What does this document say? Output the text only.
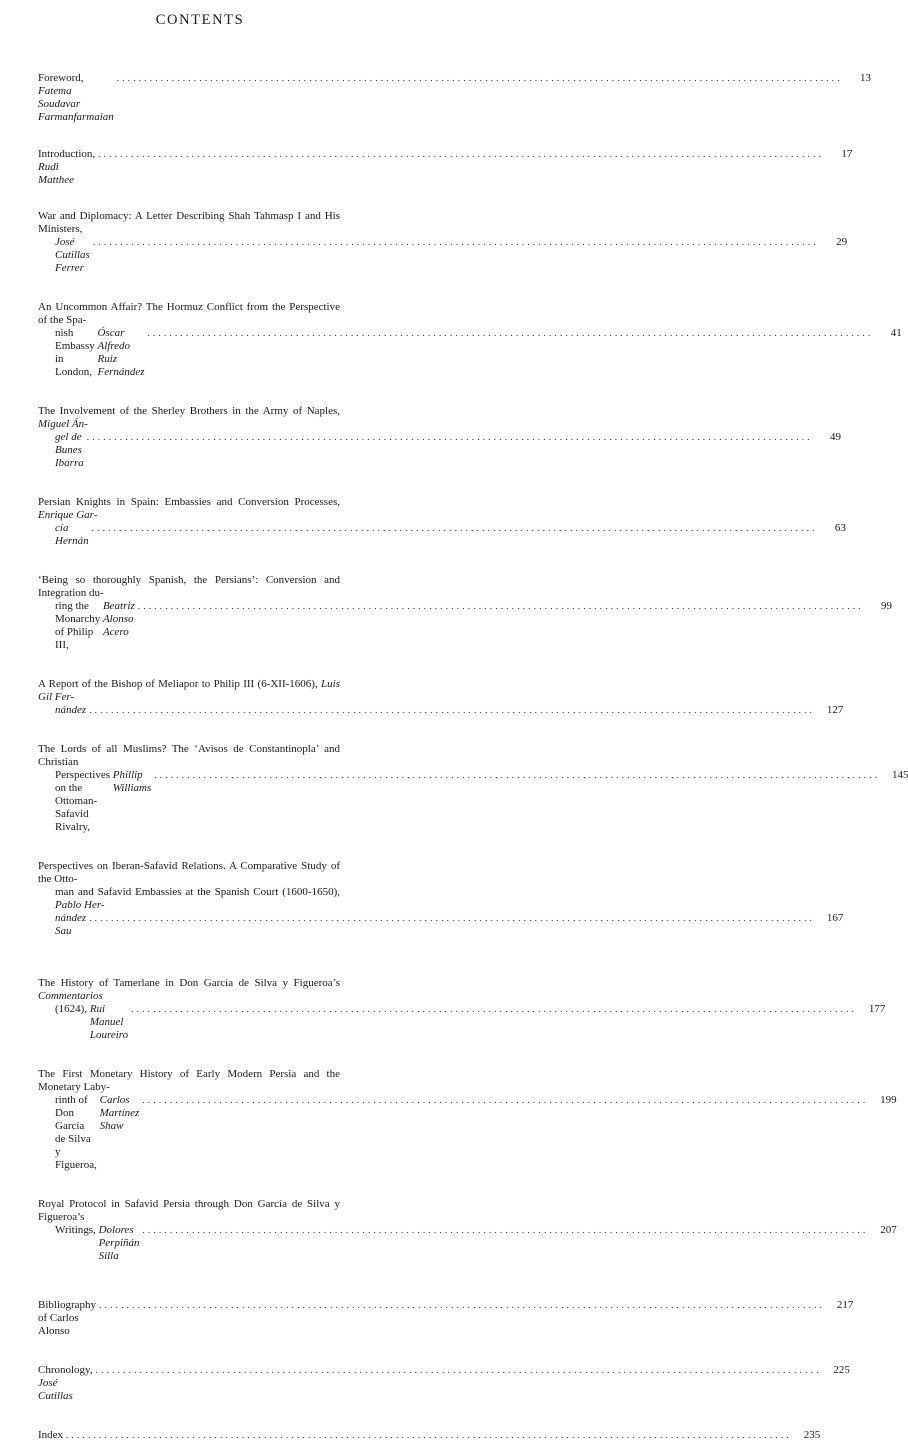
CONTENTS
Foreword, Fatema Soudavar Farmanfarmaian
. . .
13
Introduction, Rudi Matthee
. . .
17
War and Diplomacy: A Letter Describing Shah Tahmasp I and His Ministers,
José Cutillas Ferrer
. . .
29
An Uncommon Affair? The Hormuz Conflict from the Perspective of the Spa-
nish Embassy in London,

Óscar Alfredo Ruiz Fernández
. . .
41
The Involvement of the Sherley Brothers in the Army of Naples, Miguel Án-
gel de Bunes Ibarra
. . .
49
Persian Knights in Spain: Embassies and Conversion Processes, Enrique Gar-
cía Hernán
. . .
63
‘Being so thoroughly Spanish, the Persians’: Conversion and Integration du-
ring the Monarchy of Philip III,

Beatriz Alonso Acero
. . .
99
A Report of the Bishop of Meliapor to Philip III (6-XII-1606), Luis Gil Fer-
nández . . .	127
The Lords of all Muslims? The ‘Avisos de Constantinopla’ and Christian
Perspectives on the Ottoman-Safavid Rivalry,

Phillip Williams
. . .
145
Perspectives on Iberan-Safavid Relations. A Comparative Study of the Otto-
man and Safavid Embassies at the Spanish Court (1600-1650), Pablo Her-
nández Sau
. . .
167
The History of Tamerlane in Don García de Silva y Figueroa’s Commentarios
(1624),
Rui Manuel Loureiro
. . .
177
The First Monetary History of Early Modern Persia and the Monetary Laby-
rinth of Don García de Silva y Figueroa,

Carlos Martínez Shaw
. . .
199
Royal Protocol in Safavid Persia through Don García de Silva y Figueroa’s
Writings,
Dolores Perpiñán Silla
. . .
207
Bibliography of Carlos Alonso
. . .
217
Chronology, José Cutillas
. . .
225
Index . . .	235
